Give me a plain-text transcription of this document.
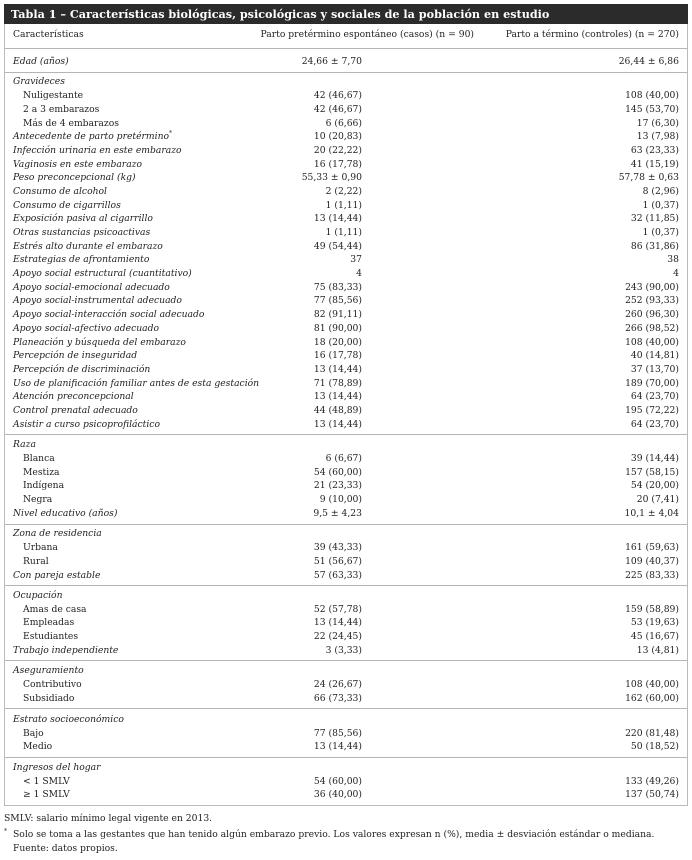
Tabla 1 – Características biológicas, psicológicas y sociales de la población en estudio
Características	Parto pretérmino espontáneo (casos) (n = 90)	Parto a término (controles) (n = 270)
Edad (años)	24,66 ± 7,70	26,44 ± 6,86
Gravideces
Nuligestante	42 (46,67)	108 (40,00)
2 a 3 embarazos	42 (46,67)	145 (53,70)
Más de 4 embarazos	6 (6,66)	17 (6,30)
Antecedente de parto pretérmino*	10 (20,83)	13 (7,98)
Infección urinaria en este embarazo	20 (22,22)	63 (23,33)
Vaginosis en este embarazo	16 (17,78)	41 (15,19)
Peso preconcepcional (kg)	55,33 ± 0,90	57,78 ± 0,63
Consumo de alcohol	2 (2,22)	8 (2,96)
Consumo de cigarrillos	1 (1,11)	1 (0,37)
Exposición pasiva al cigarrillo	13 (14,44)	32 (11,85)
Otras sustancias psicoactivas	1 (1,11)	1 (0,37)
Estrés alto durante el embarazo	49 (54,44)	86 (31,86)
Estrategias de afrontamiento	37	38
Apoyo social estructural (cuantitativo)	4	4
Apoyo social-emocional adecuado	75 (83,33)	243 (90,00)
Apoyo social-instrumental adecuado	77 (85,56)	252 (93,33)
Apoyo social-interacción social adecuado	82 (91,11)	260 (96,30)
Apoyo social-afectivo adecuado	81 (90,00)	266 (98,52)
Planeación y búsqueda del embarazo	18 (20,00)	108 (40,00)
Percepción de inseguridad	16 (17,78)	40 (14,81)
Percepción de discriminación	13 (14,44)	37 (13,70)
Uso de planificación familiar antes de esta gestación	71 (78,89)	189 (70,00)
Atención preconcepcional	13 (14,44)	64 (23,70)
Control prenatal adecuado	44 (48,89)	195 (72,22)
Asistir a curso psicoprofiláctico	13 (14,44)	64 (23,70)
Raza
Blanca	6 (6,67)	39 (14,44)
Mestiza	54 (60,00)	157 (58,15)
Indígena	21 (23,33)	54 (20,00)
Negra	9 (10,00)	20 (7,41)
Nivel educativo (años)	9,5 ± 4,23	10,1 ± 4,04
Zona de residencia
Urbana	39 (43,33)	161 (59,63)
Rural	51 (56,67)	109 (40,37)
Con pareja estable	57 (63,33)	225 (83,33)
Ocupación
Amas de casa	52 (57,78)	159 (58,89)
Empleadas	13 (14,44)	53 (19,63)
Estudiantes	22 (24,45)	45 (16,67)
Trabajo independiente	3 (3,33)	13 (4,81)
Aseguramiento
Contributivo	24 (26,67)	108 (40,00)
Subsidiado	66 (73,33)	162 (60,00)
Estrato socioeconómico
Bajo	77 (85,56)	220 (81,48)
Medio	13 (14,44)	50 (18,52)
Ingresos del hogar
< 1 SMLV	54 (60,00)	133 (49,26)
≥ 1 SMLV	36 (40,00)	137 (50,74)
SMLV: salario mínimo legal vigente en 2013.
* Solo se toma a las gestantes que han tenido algún embarazo previo. Los valores expresan n (%), media ± desviación estándar o mediana.
Fuente: datos propios.
